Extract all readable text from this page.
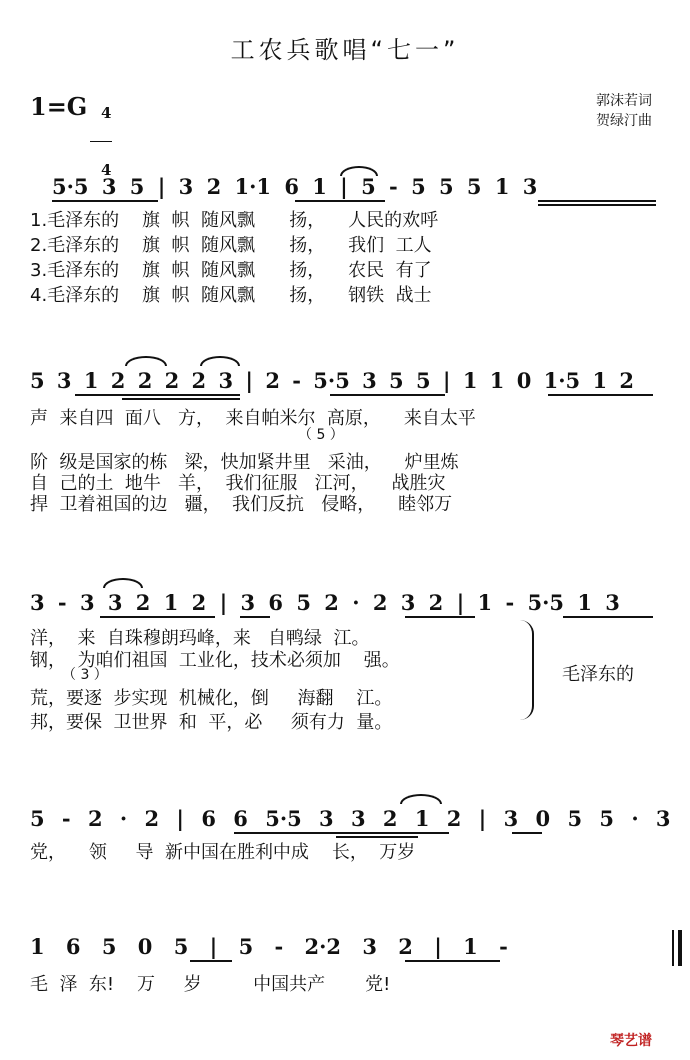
工农兵歌唱“七一”
1=G 4

4

郭沫若词
贺绿汀曲
5·5 3 5 | 3 2 1·1 6 1 | 5 - 5 5 5 1 3
1.毛泽东的    旗  帜  随风飘      扬，    人民的欢呼
2.毛泽东的    旗  帜  随风飘      扬，    我们  工人
3.毛泽东的    旗  帜  随风飘      扬，    农民  有了
4.毛泽东的    旗  帜  随风飘      扬，    钢铁  战士
5 3 1 2 2 2 2 3 | 2 - 5·5 3 5 5 | 1 1 0 1·5 1 2
声  来自四  面八   方，  来自帕米尔  高原，    来自太平
（ 5 ）
阶  级是国家的栋   梁，快加紧井里   采油，    炉里炼
自  己的土  地牛   羊，  我们征服   江河，    战胜灾
捍  卫着祖国的边   疆，  我们反抗   侵略，    睦邻万
3 - 3 3 2 1 2 | 3 6 5 2 · 2 3 2 | 1 - 5·5 1 3
洋，  来  自珠穆朗玛峰，来   自鸭绿  江。
钢，  为咱们祖国  工业化，技术必须加    强。
（ 3 ）
荒，要逐  步实现  机械化，倒     海翻    江。
邦，要保  卫世界  和  平，必     须有力  量。
毛泽东的
5 - 2 · 2 | 6 6 5·5 3 3 2 1 2 | 3 0 5 5 · 3
党，    领     导  新中国在胜利中成    长，  万岁
1 6 5 0 5 | 5 - 2·2 3 2 | 1 -
毛  泽  东!    万     岁         中国共产       党!
琴艺谱
